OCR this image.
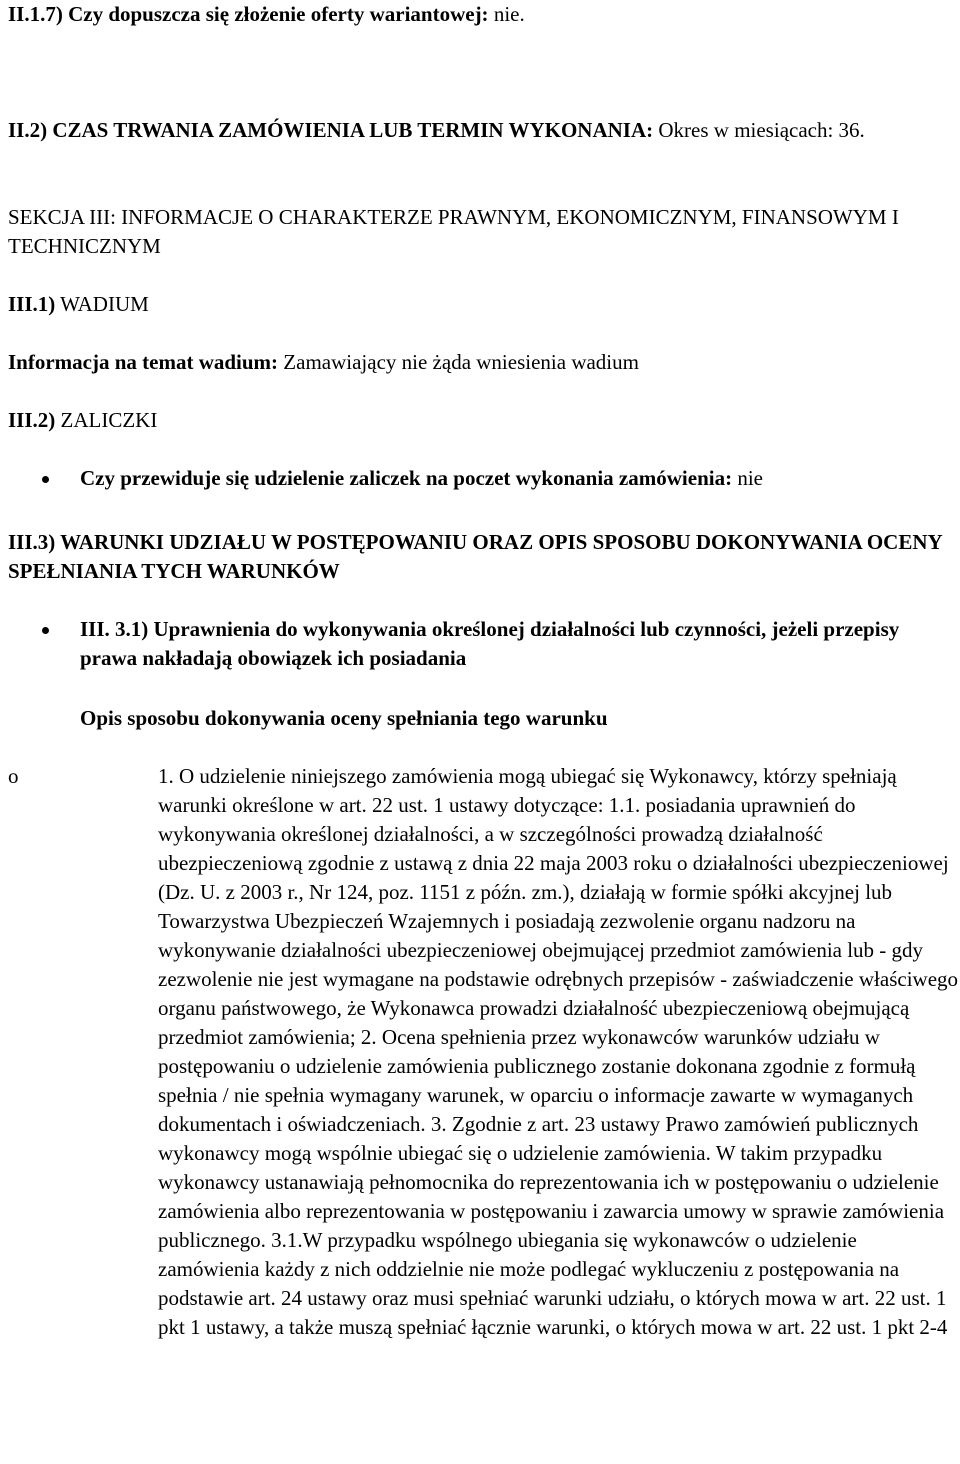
II.1.7) Czy dopuszcza się złożenie oferty wariantowej: nie.

II.2) CZAS TRWANIA ZAMÓWIENIA LUB TERMIN WYKONANIA: Okres w miesiącach: 36.

SEKCJA III: INFORMACJE O CHARAKTERZE PRAWNYM, EKONOMICZNYM, FINANSOWYM I TECHNICZNYM

III.1) WADIUM

Informacja na temat wadium: Zamawiający nie żąda wniesienia wadium

III.2) ZALICZKI

Czy przewiduje się udzielenie zaliczek na poczet wykonania zamówienia: nie

III.3) WARUNKI UDZIAŁU W POSTĘPOWANIU ORAZ OPIS SPOSOBU DOKONYWANIA OCENY SPEŁNIANIA TYCH WARUNKÓW

III. 3.1) Uprawnienia do wykonywania określonej działalności lub czynności, jeżeli przepisy prawa nakładają obowiązek ich posiadania

Opis sposobu dokonywania oceny spełniania tego warunku

o	1. O udzielenie niniejszego zamówienia mogą ubiegać się Wykonawcy, którzy spełniają warunki określone w art. 22 ust. 1 ustawy dotyczące: 1.1. posiadania uprawnień do wykonywania określonej działalności, a w szczególności prowadzą działalność ubezpieczeniową zgodnie z ustawą z dnia 22 maja 2003 roku o działalności ubezpieczeniowej (Dz. U. z 2003 r., Nr 124, poz. 1151 z późn. zm.), działają w formie spółki akcyjnej lub Towarzystwa Ubezpieczeń Wzajemnych i posiadają zezwolenie organu nadzoru na wykonywanie działalności ubezpieczeniowej obejmującej przedmiot zamówienia lub - gdy zezwolenie nie jest wymagane na podstawie odrębnych przepisów - zaświadczenie właściwego organu państwowego, że Wykonawca prowadzi działalność ubezpieczeniową obejmującą przedmiot zamówienia; 2. Ocena spełnienia przez wykonawców warunków udziału w postępowaniu o udzielenie zamówienia publicznego zostanie dokonana zgodnie z formułą spełnia / nie spełnia wymagany warunek, w oparciu o informacje zawarte w wymaganych dokumentach i oświadczeniach. 3. Zgodnie z art. 23 ustawy Prawo zamówień publicznych wykonawcy mogą wspólnie ubiegać się o udzielenie zamówienia. W takim przypadku wykonawcy ustanawiają pełnomocnika do reprezentowania ich w postępowaniu o udzielenie zamówienia albo reprezentowania w postępowaniu i zawarcia umowy w sprawie zamówienia publicznego. 3.1.W przypadku wspólnego ubiegania się wykonawców o udzielenie zamówienia każdy z nich oddzielnie nie może podlegać wykluczeniu z postępowania na podstawie art. 24 ustawy oraz musi spełniać warunki udziału, o których mowa w art. 22 ust. 1 pkt 1 ustawy, a także muszą spełniać łącznie warunki, o których mowa w art. 22 ust. 1 pkt 2-4
